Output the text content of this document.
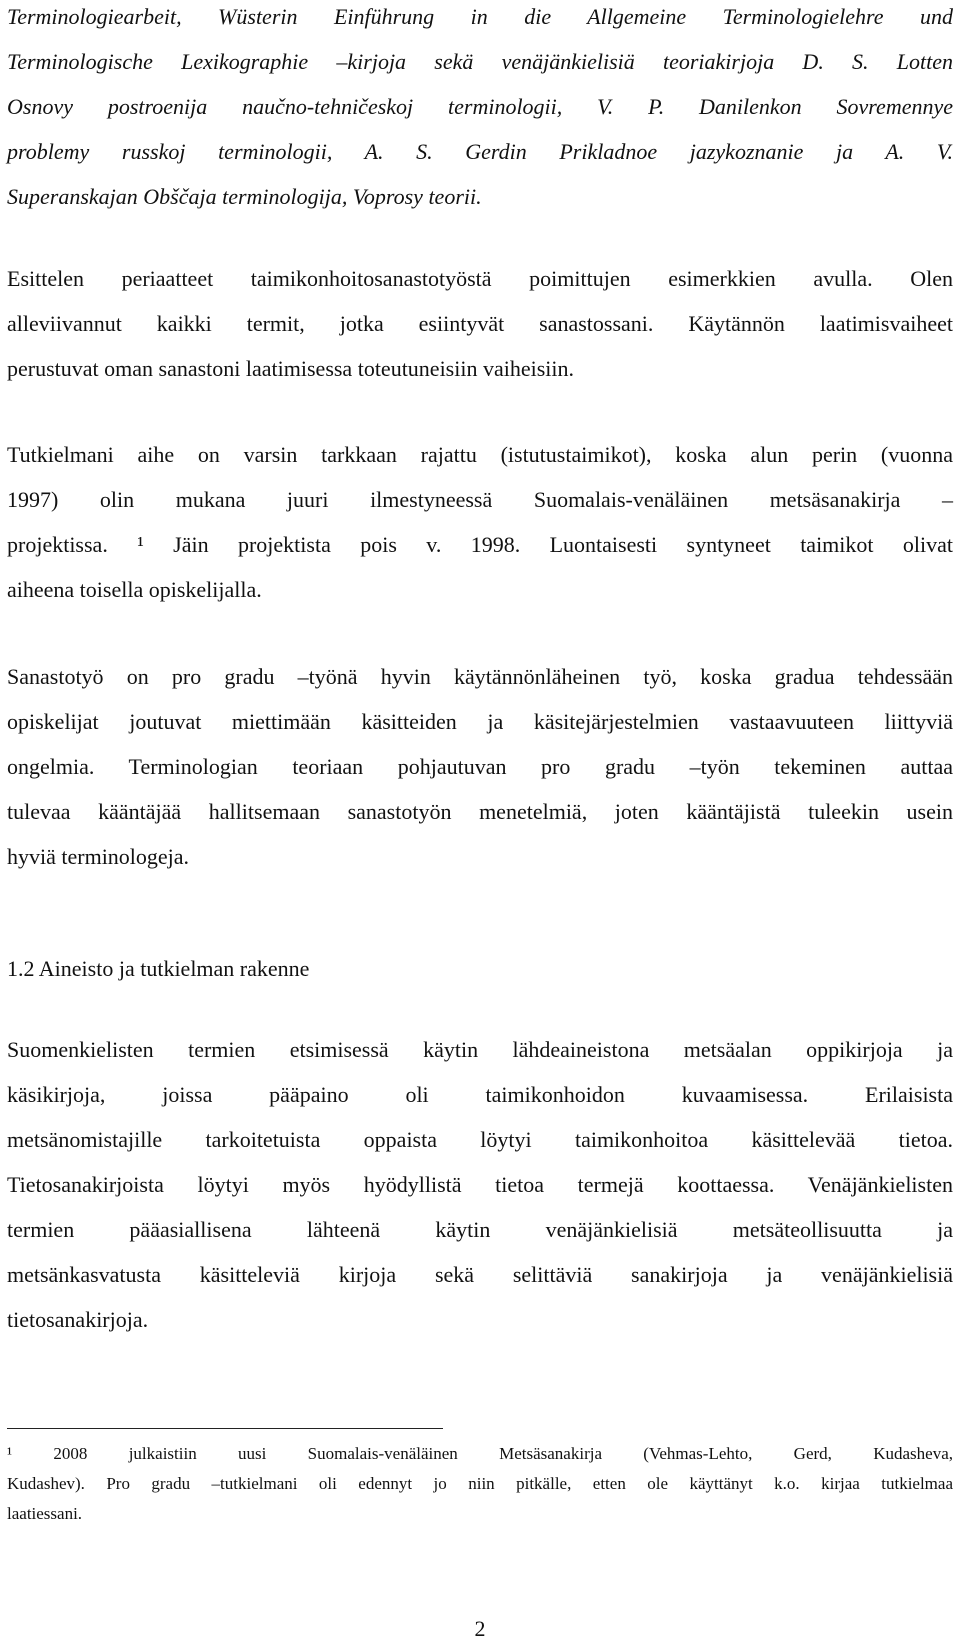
Terminologiearbeit, Wüsterin Einführung in die Allgemeine Terminologielehre und
Terminologische Lexikographie –kirjoja sekä venäjänkielisiä teoriakirjoja D. S. Lotten
Osnovy postroenija naučno-tehničeskoj terminologii, V. P. Danilenkon Sovremennye
problemy russkoj terminologii, A. S. Gerdin Prikladnoe jazykoznanie ja A. V.
Superanskajan Obščaja terminologija, Voprosy teorii.
Esittelen periaatteet taimikonhoitosanastotyöstä poimittujen esimerkkien avulla. Olen
alleviivannut kaikki termit, jotka esiintyvät sanastossani. Käytännön laatimisvaiheet
perustuvat oman sanastoni laatimisessa toteutuneisiin vaiheisiin.
Tutkielmani aihe on varsin tarkkaan rajattu (istutustaimikot), koska alun perin (vuonna
1997) olin mukana juuri ilmestyneessä Suomalais-venäläinen metsäsanakirja –
projektissa. ¹ Jäin projektista pois v. 1998. Luontaisesti syntyneet taimikot olivat
aiheena toisella opiskelijalla.
Sanastotyö on pro gradu –työnä hyvin käytännönläheinen työ, koska gradua tehdessään
opiskelijat joutuvat miettimään käsitteiden ja käsitejärjestelmien vastaavuuteen liittyviä
ongelmia. Terminologian teoriaan pohjautuvan pro gradu –työn tekeminen auttaa
tulevaa kääntäjää hallitsemaan sanastotyön menetelmiä, joten kääntäjistä tuleekin usein
hyviä terminologeja.
1.2 Aineisto ja tutkielman rakenne
Suomenkielisten termien etsimisessä käytin lähdeaineistona metsäalan oppikirjoja ja
käsikirjoja, joissa pääpaino oli taimikonhoidon kuvaamisessa. Erilaisista
metsänomistajille tarkoitetuista oppaista löytyi taimikonhoitoa käsittelevää tietoa.
Tietosanakirjoista löytyi myös hyödyllistä tietoa termejä koottaessa. Venäjänkielisten
termien pääasiallisena lähteenä käytin venäjänkielisiä metsäteollisuutta ja
metsänkasvatusta käsitteleviä kirjoja sekä selittäviä sanakirjoja ja venäjänkielisiä
tietosanakirjoja.
¹ 2008 julkaistiin uusi Suomalais-venäläinen Metsäsanakirja (Vehmas-Lehto, Gerd, Kudasheva,
Kudashev). Pro gradu –tutkielmani oli edennyt jo niin pitkälle, etten ole käyttänyt k.o. kirjaa tutkielmaa
laatiessani.
2
